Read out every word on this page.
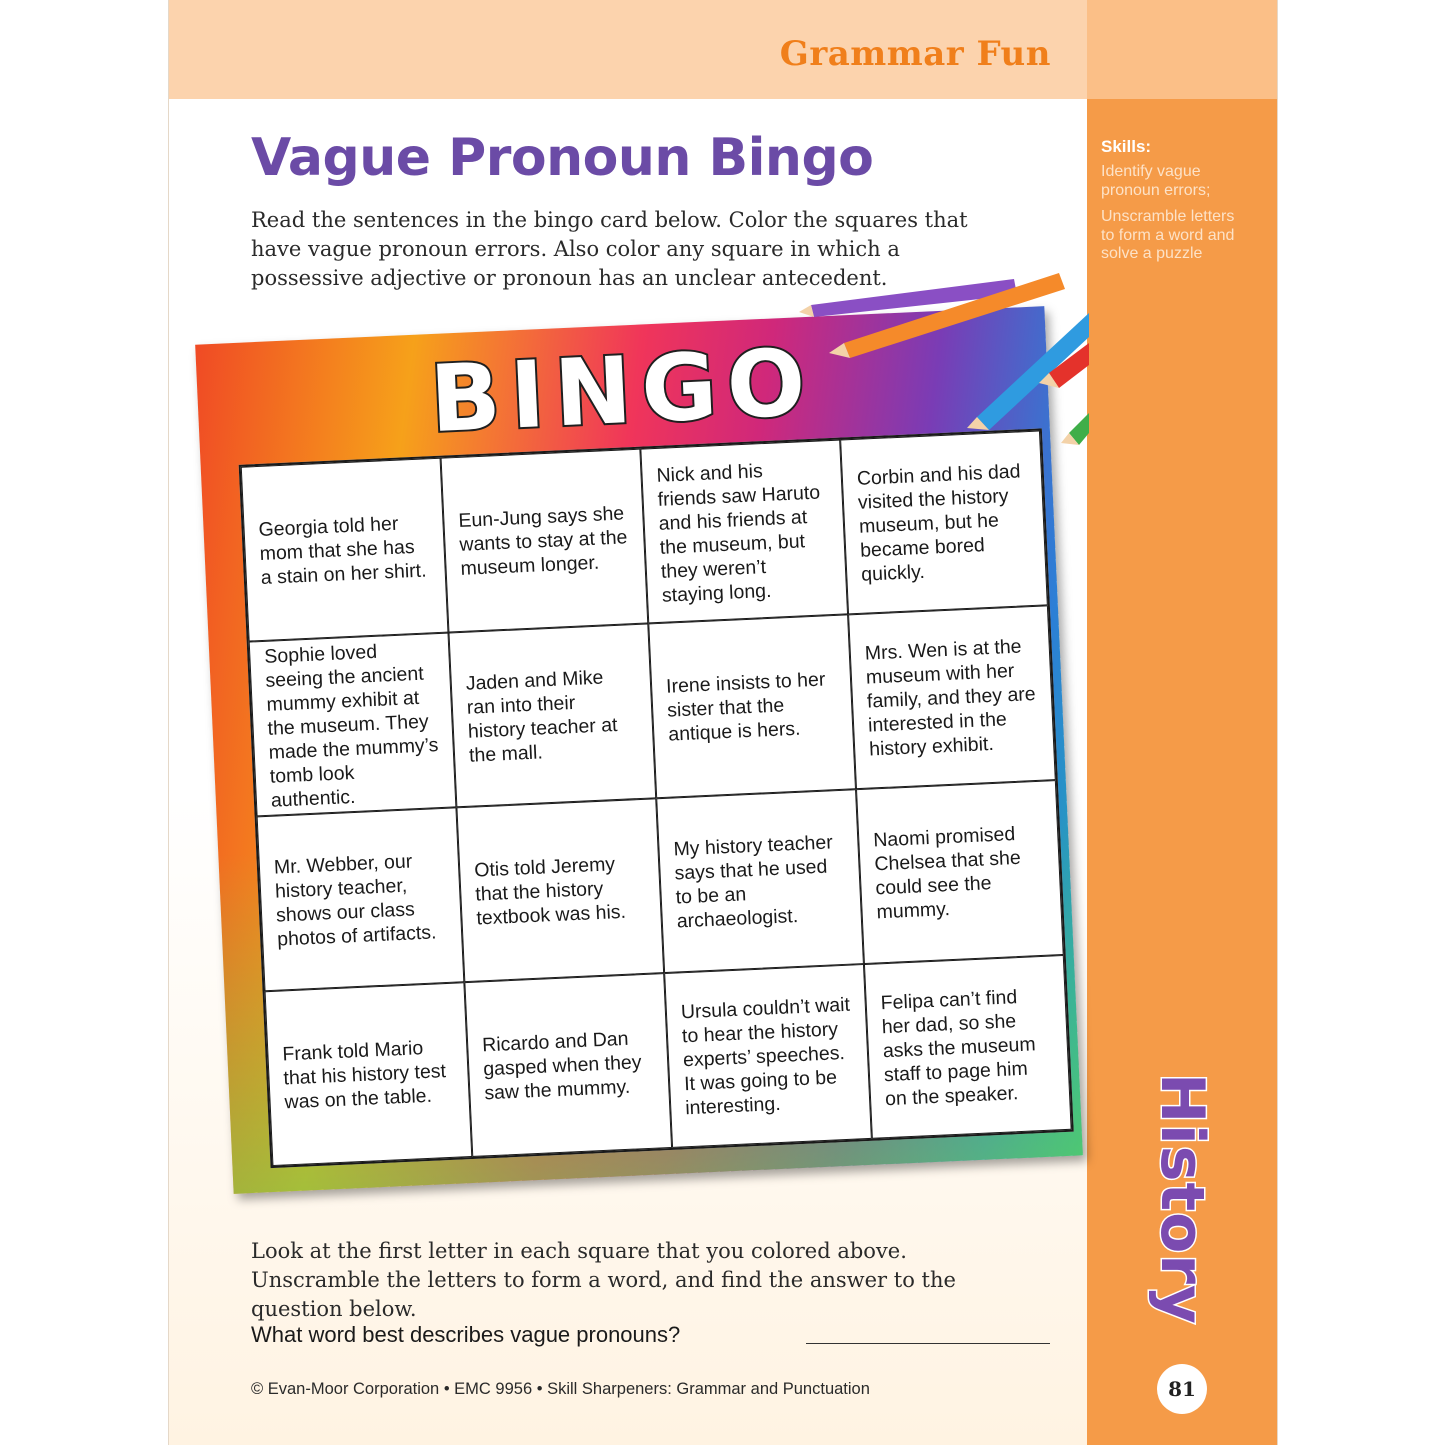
Grammar Fun
Skills:
Identify vague pronoun errors;
Unscramble letters to form a word and solve a puzzle
History
81
Vague Pronoun Bingo
Read the sentences in the bingo card below. Color the squares that have vague pronoun errors. Also color any square in which a possessive adjective or pronoun has an unclear antecedent.
BINGO
Georgia told her mom that she has a stain on her shirt.
Eun-Jung says she wants to stay at the museum longer.
Nick and his friends saw Haruto and his friends at the museum, but they weren’t staying long.
Corbin and his dad visited the history museum, but he became bored quickly.
Sophie loved seeing the ancient mummy exhibit at the museum. They made the mummy’s tomb look authentic.
Jaden and Mike ran into their history teacher at the mall.
Irene insists to her sister that the antique is hers.
Mrs. Wen is at the museum with her family, and they are interested in the history exhibit.
Mr. Webber, our history teacher, shows our class photos of artifacts.
Otis told Jeremy that the history textbook was his.
My history teacher says that he used to be an archaeologist.
Naomi promised Chelsea that she could see the mummy.
Frank told Mario that his history test was on the table.
Ricardo and Dan gasped when they saw the mummy.
Ursula couldn’t wait to hear the history experts’ speeches. It was going to be interesting.
Felipa can’t find her dad, so she asks the museum staff to page him on the speaker.
Look at the first letter in each square that you colored above. Unscramble the letters to form a word, and find the answer to the question below.
What word best describes vague pronouns?
© Evan-Moor Corporation • EMC 9956 • Skill Sharpeners: Grammar and Punctuation
